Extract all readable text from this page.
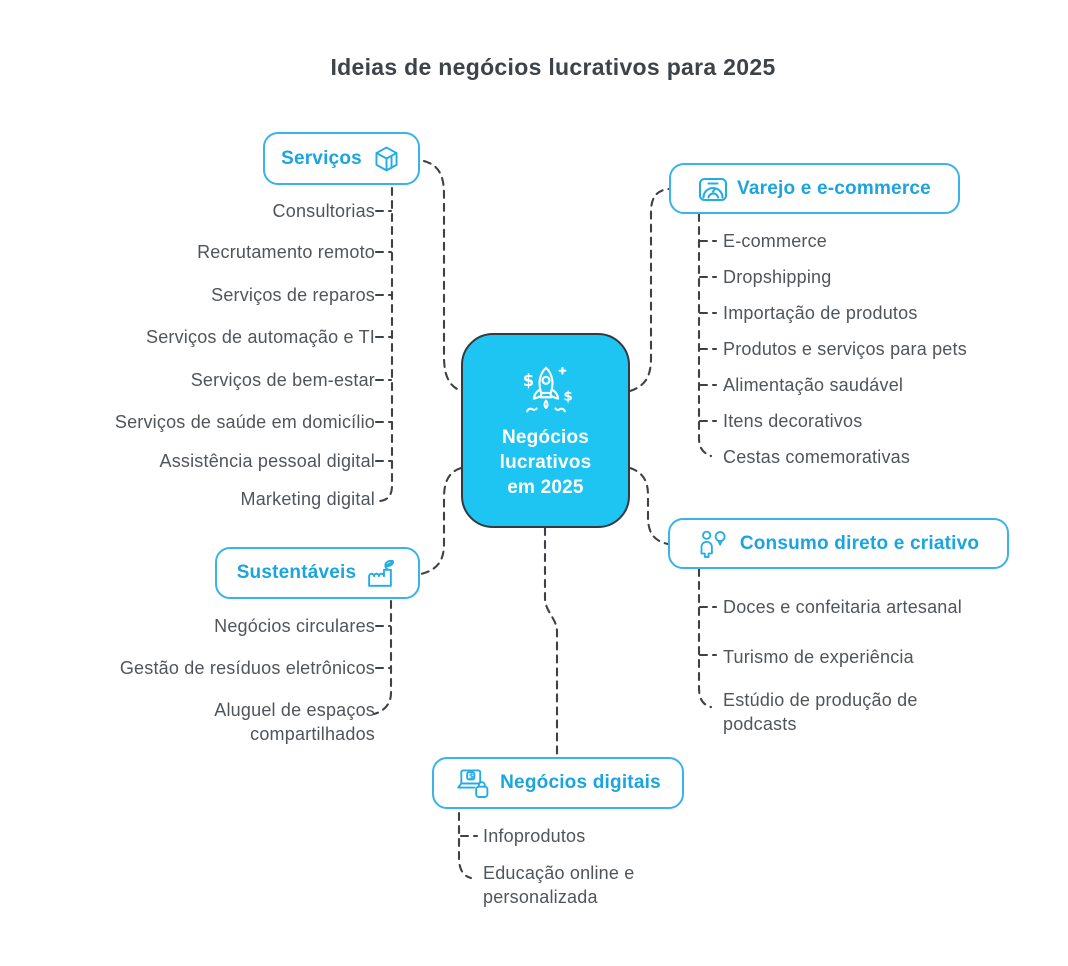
Ideias de negócios lucrativos para 2025
$
$
Negócios lucrativos em 2025
Serviços
Consultorias
Recrutamento remoto
Serviços de reparos
Serviços de automação e TI
Serviços de bem-estar
Serviços de saúde em domicílio
Assistência pessoal digital
Marketing digital
Varejo e e-commerce
E-commerce
Dropshipping
Importação de produtos
Produtos e serviços para pets
Alimentação saudável
Itens decorativos
Cestas comemorativas
Sustentáveis
Negócios circulares
Gestão de resíduos eletrônicos
Aluguel de espaços compartilhados
Consumo direto e criativo
Doces e confeitaria artesanal
Turismo de experiência
Estúdio de produção de podcasts
$ Negócios digitais
Infoprodutos
Educação online e personalizada
